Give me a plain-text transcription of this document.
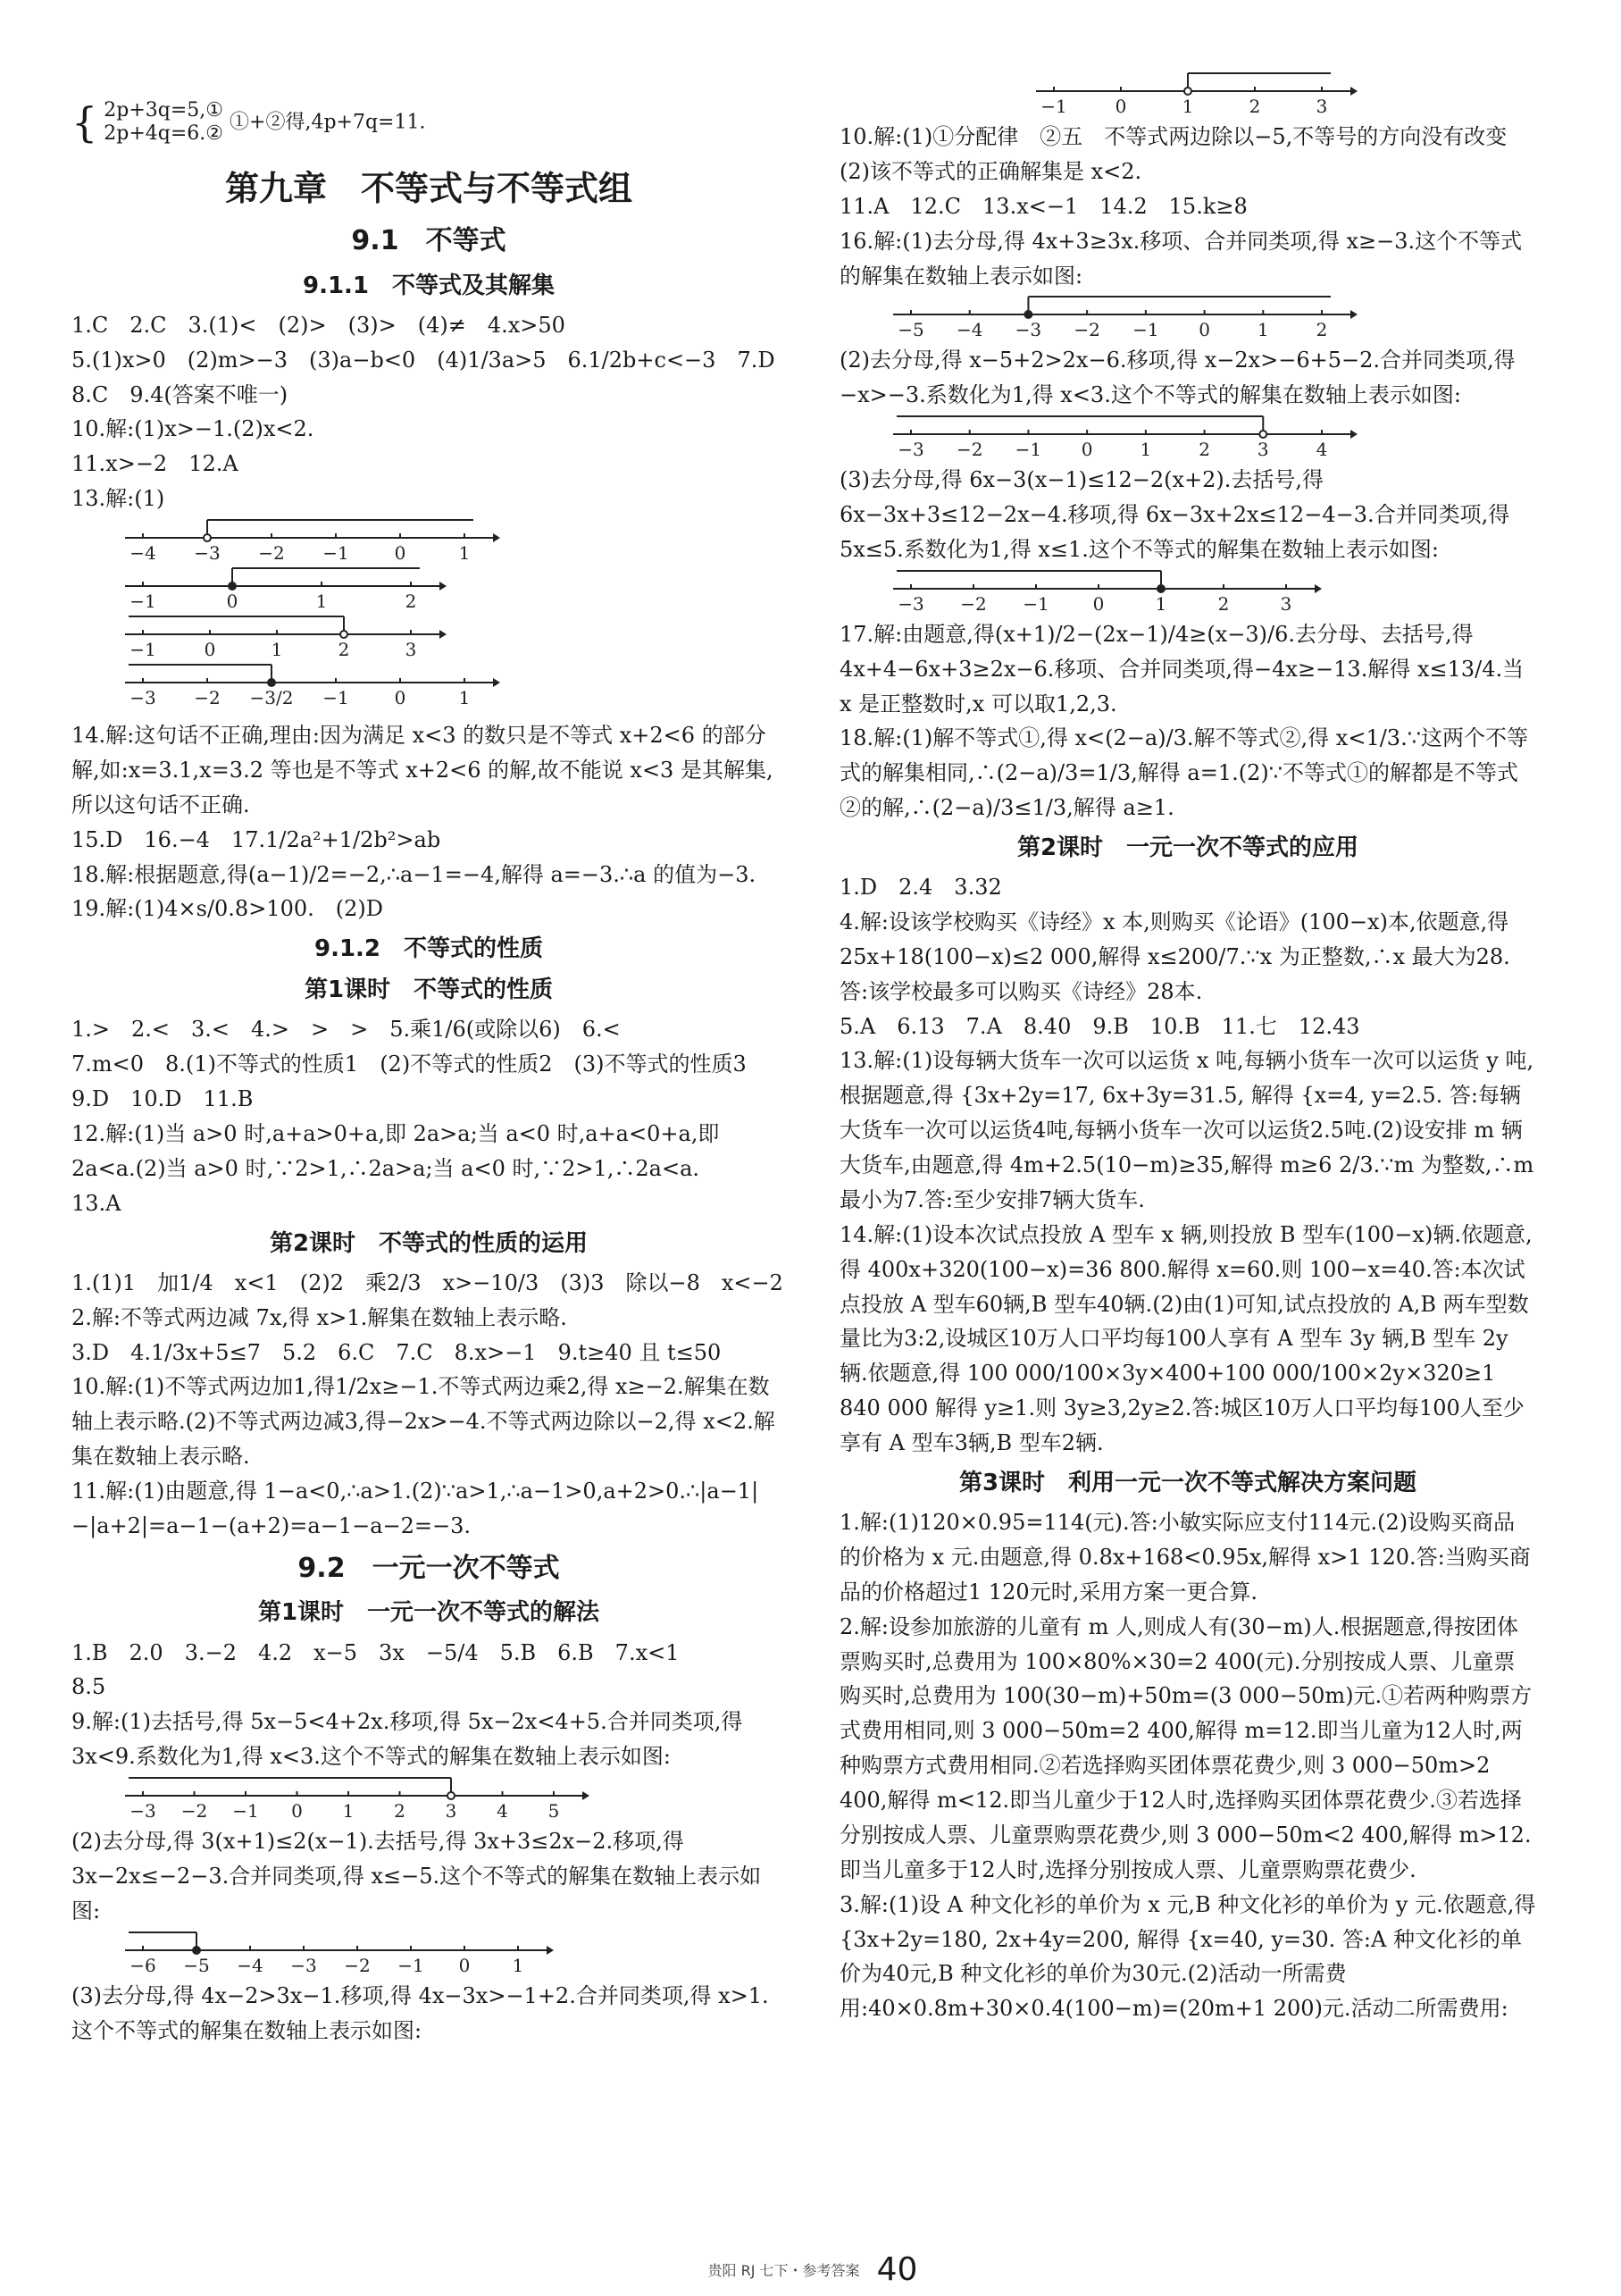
{ 2p+3q=5,①
2p+4q=6.② ①+②得,4p+7q=11.
第九章　不等式与不等式组
9.1　不等式
9.1.1　不等式及其解集

1.C　2.C　3.(1)<　(2)>　(3)>　(4)≠　4.x>50

5.(1)x>0　(2)m>−3　(3)a−b<0　(4)1/3a>5　6.1/2b+c<−3　7.D

8.C　9.4(答案不唯一)

10.解:(1)x>−1.(2)x<2.

11.x>−2　12.A

13.解:(1)

−4 −3 −2 −1	0	1
−1	0	1	2
−1	0	1	2	3
−3 −2 −3/2 −1	0	1

14.解:这句话不正确,理由:因为满足 x<3 的数只是不等式 x+2<6 的部分解,如:x=3.1,x=3.2 等也是不等式 x+2<6 的解,故不能说 x<3 是其解集,所以这句话不正确.

15.D　16.−4　17.1/2a²+1/2b²>ab

18.解:根据题意,得(a−1)/2=−2,∴a−1=−4,解得 a=−3.∴a 的值为−3.

19.解:(1)4×s/0.8>100.　(2)D

9.1.2　不等式的性质
第1课时　不等式的性质

1.>　2.<　3.<　4.>　>　>　5.乘1/6(或除以6)　6.<

7.m<0　8.(1)不等式的性质1　(2)不等式的性质2　(3)不等式的性质3　9.D　10.D　11.B

12.解:(1)当 a>0 时,a+a>0+a,即 2a>a;当 a<0 时,a+a<0+a,即 2a<a.(2)当 a>0 时,∵2>1,∴2a>a;当 a<0 时,∵2>1,∴2a<a.

13.A

第2课时　不等式的性质的运用

1.(1)1　加1/4　x<1　(2)2　乘2/3　x>−10/3　(3)3　除以−8　x<−2

2.解:不等式两边减 7x,得 x>1.解集在数轴上表示略.

3.D　4.1/3x+5≤7　5.2　6.C　7.C　8.x>−1　9.t≥40 且 t≤50

10.解:(1)不等式两边加1,得1/2x≥−1.不等式两边乘2,得 x≥−2.解集在数轴上表示略.(2)不等式两边减3,得−2x>−4.不等式两边除以−2,得 x<2.解集在数轴上表示略.

11.解:(1)由题意,得 1−a<0,∴a>1.(2)∵a>1,∴a−1>0,a+2>0.∴|a−1|−|a+2|=a−1−(a+2)=a−1−a−2=−3.

9.2　一元一次不等式
第1课时　一元一次不等式的解法

1.B　2.0　3.−2　4.2　x−5　3x　−5/4　5.B　6.B　7.x<1

8.5

9.解:(1)去括号,得 5x−5<4+2x.移项,得 5x−2x<4+5.合并同类项,得 3x<9.系数化为1,得 x<3.这个不等式的解集在数轴上表示如图:

−3 −2 −1 0 1 2 3 4 5

(2)去分母,得 3(x+1)≤2(x−1).去括号,得 3x+3≤2x−2.移项,得 3x−2x≤−2−3.合并同类项,得 x≤−5.这个不等式的解集在数轴上表示如图:

−6 −5 −4 −3 −2 −1 0 1

(3)去分母,得 4x−2>3x−1.移项,得 4x−3x>−1+2.合并同类项,得 x>1.这个不等式的解集在数轴上表示如图:

−1	0	1	2	3

10.解:(1)①分配律　②五　不等式两边除以−5,不等号的方向没有改变　(2)该不等式的正确解集是 x<2.

11.A　12.C　13.x<−1　14.2　15.k≥8

16.解:(1)去分母,得 4x+3≥3x.移项、合并同类项,得 x≥−3.这个不等式的解集在数轴上表示如图:

−5 −4 −3 −2 −1 0	1	2

(2)去分母,得 x−5+2>2x−6.移项,得 x−2x>−6+5−2.合并同类项,得−x>−3.系数化为1,得 x<3.这个不等式的解集在数轴上表示如图:

−3 −2 −1 0	1	2	3	4

(3)去分母,得 6x−3(x−1)≤12−2(x+2).去括号,得 6x−3x+3≤12−2x−4.移项,得 6x−3x+2x≤12−4−3.合并同类项,得 5x≤5.系数化为1,得 x≤1.这个不等式的解集在数轴上表示如图:

−3 −2 −1 0	1	2	3

17.解:由题意,得(x+1)/2−(2x−1)/4≥(x−3)/6.去分母、去括号,得 4x+4−6x+3≥2x−6.移项、合并同类项,得−4x≥−13.解得 x≤13/4.当 x 是正整数时,x 可以取1,2,3.

18.解:(1)解不等式①,得 x<(2−a)/3.解不等式②,得 x<1/3.∵这两个不等式的解集相同,∴(2−a)/3=1/3,解得 a=1.(2)∵不等式①的解都是不等式②的解,∴(2−a)/3≤1/3,解得 a≥1.

第2课时　一元一次不等式的应用

1.D　2.4　3.32

4.解:设该学校购买《诗经》x 本,则购买《论语》(100−x)本,依题意,得 25x+18(100−x)≤2 000,解得 x≤200/7.∵x 为正整数,∴x 最大为28.答:该学校最多可以购买《诗经》28本.

5.A　6.13　7.A　8.40　9.B　10.B　11.七　12.43

13.解:(1)设每辆大货车一次可以运货 x 吨,每辆小货车一次可以运货 y 吨,根据题意,得 {3x+2y=17, 6x+3y=31.5, 解得 {x=4, y=2.5. 答:每辆大货车一次可以运货4吨,每辆小货车一次可以运货2.5吨.(2)设安排 m 辆大货车,由题意,得 4m+2.5(10−m)≥35,解得 m≥6 2/3.∵m 为整数,∴m 最小为7.答:至少安排7辆大货车.

14.解:(1)设本次试点投放 A 型车 x 辆,则投放 B 型车(100−x)辆.依题意,得 400x+320(100−x)=36 800.解得 x=60.则 100−x=40.答:本次试点投放 A 型车60辆,B 型车40辆.(2)由(1)可知,试点投放的 A,B 两车型数量比为3:2,设城区10万人口平均每100人享有 A 型车 3y 辆,B 型车 2y 辆.依题意,得 100 000/100×3y×400+100 000/100×2y×320≥1 840 000 解得 y≥1.则 3y≥3,2y≥2.答:城区10万人口平均每100人至少享有 A 型车3辆,B 型车2辆.

第3课时　利用一元一次不等式解决方案问题

1.解:(1)120×0.95=114(元).答:小敏实际应支付114元.(2)设购买商品的价格为 x 元.由题意,得 0.8x+168<0.95x,解得 x>1 120.答:当购买商品的价格超过1 120元时,采用方案一更合算.

2.解:设参加旅游的儿童有 m 人,则成人有(30−m)人.根据题意,得按团体票购买时,总费用为 100×80%×30=2 400(元).分别按成人票、儿童票购买时,总费用为 100(30−m)+50m=(3 000−50m)元.①若两种购票方式费用相同,则 3 000−50m=2 400,解得 m=12.即当儿童为12人时,两种购票方式费用相同.②若选择购买团体票花费少,则 3 000−50m>2 400,解得 m<12.即当儿童少于12人时,选择购买团体票花费少.③若选择分别按成人票、儿童票购票花费少,则 3 000−50m<2 400,解得 m>12.即当儿童多于12人时,选择分别按成人票、儿童票购票花费少.

3.解:(1)设 A 种文化衫的单价为 x 元,B 种文化衫的单价为 y 元.依题意,得 {3x+2y=180, 2x+4y=200, 解得 {x=40, y=30. 答:A 种文化衫的单价为40元,B 种文化衫的单价为30元.(2)活动一所需费用:40×0.8m+30×0.4(100−m)=(20m+1 200)元.活动二所需费用:

贵阳 RJ 七下・参考答案 40
